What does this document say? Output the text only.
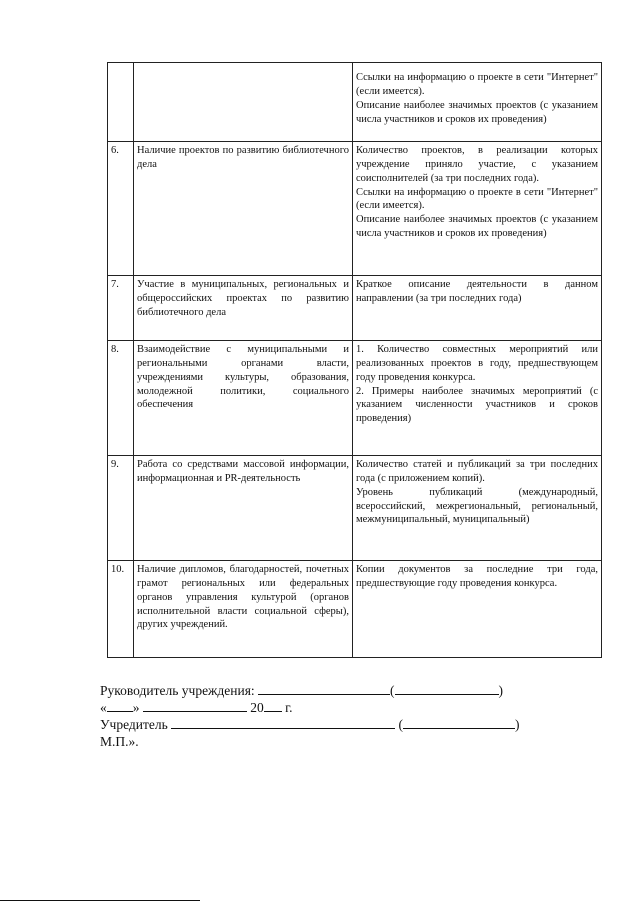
		Ссылки на информацию о проекте в сети "Интернет" (если имеется).

Описание наиболее значимых проектов (с указанием числа участников и сроков их проведения)

6.	Наличие проектов по развитию библиотечного дела	Количество проектов, в реализации которых учреждение приняло участие, с указанием соисполнителей (за три последних года).

Ссылки на информацию о проекте в сети "Интернет" (если имеется).

Описание наиболее значимых проектов (с указанием числа участников и сроков их проведения)

7.	Участие в муниципальных, региональных и общероссийских проектах по развитию библиотечного дела	Краткое описание деятельности в данном направлении (за три последних года)

8.	Взаимодействие с муниципальными и региональными органами власти, учреждениями культуры, образования, молодежной политики, социального обеспечения	1. Количество совместных мероприятий или реализованных проектов в году, предшествующем году проведения конкурса.

2. Примеры наиболее значимых мероприятий (с указанием численности участников и сроков проведения)

9.	Работа со средствами массовой информации, информационная и PR-деятельность	Количество статей и публикаций за три последних года (с приложением копий).

Уровень публикаций (международный, всероссийский, межрегиональный, региональный, межмуниципальный, муниципальный)

10.	Наличие дипломов, благодарностей, почетных грамот региональных или федеральных органов управления культурой (органов исполнительной власти социальной сферы), других учреждений.	Копии документов за последние три года, предшествующие году проведения конкурса.

Руководитель учреждения:	(	)
« »	20 г.
Учредитель	(	)
М.П.».
